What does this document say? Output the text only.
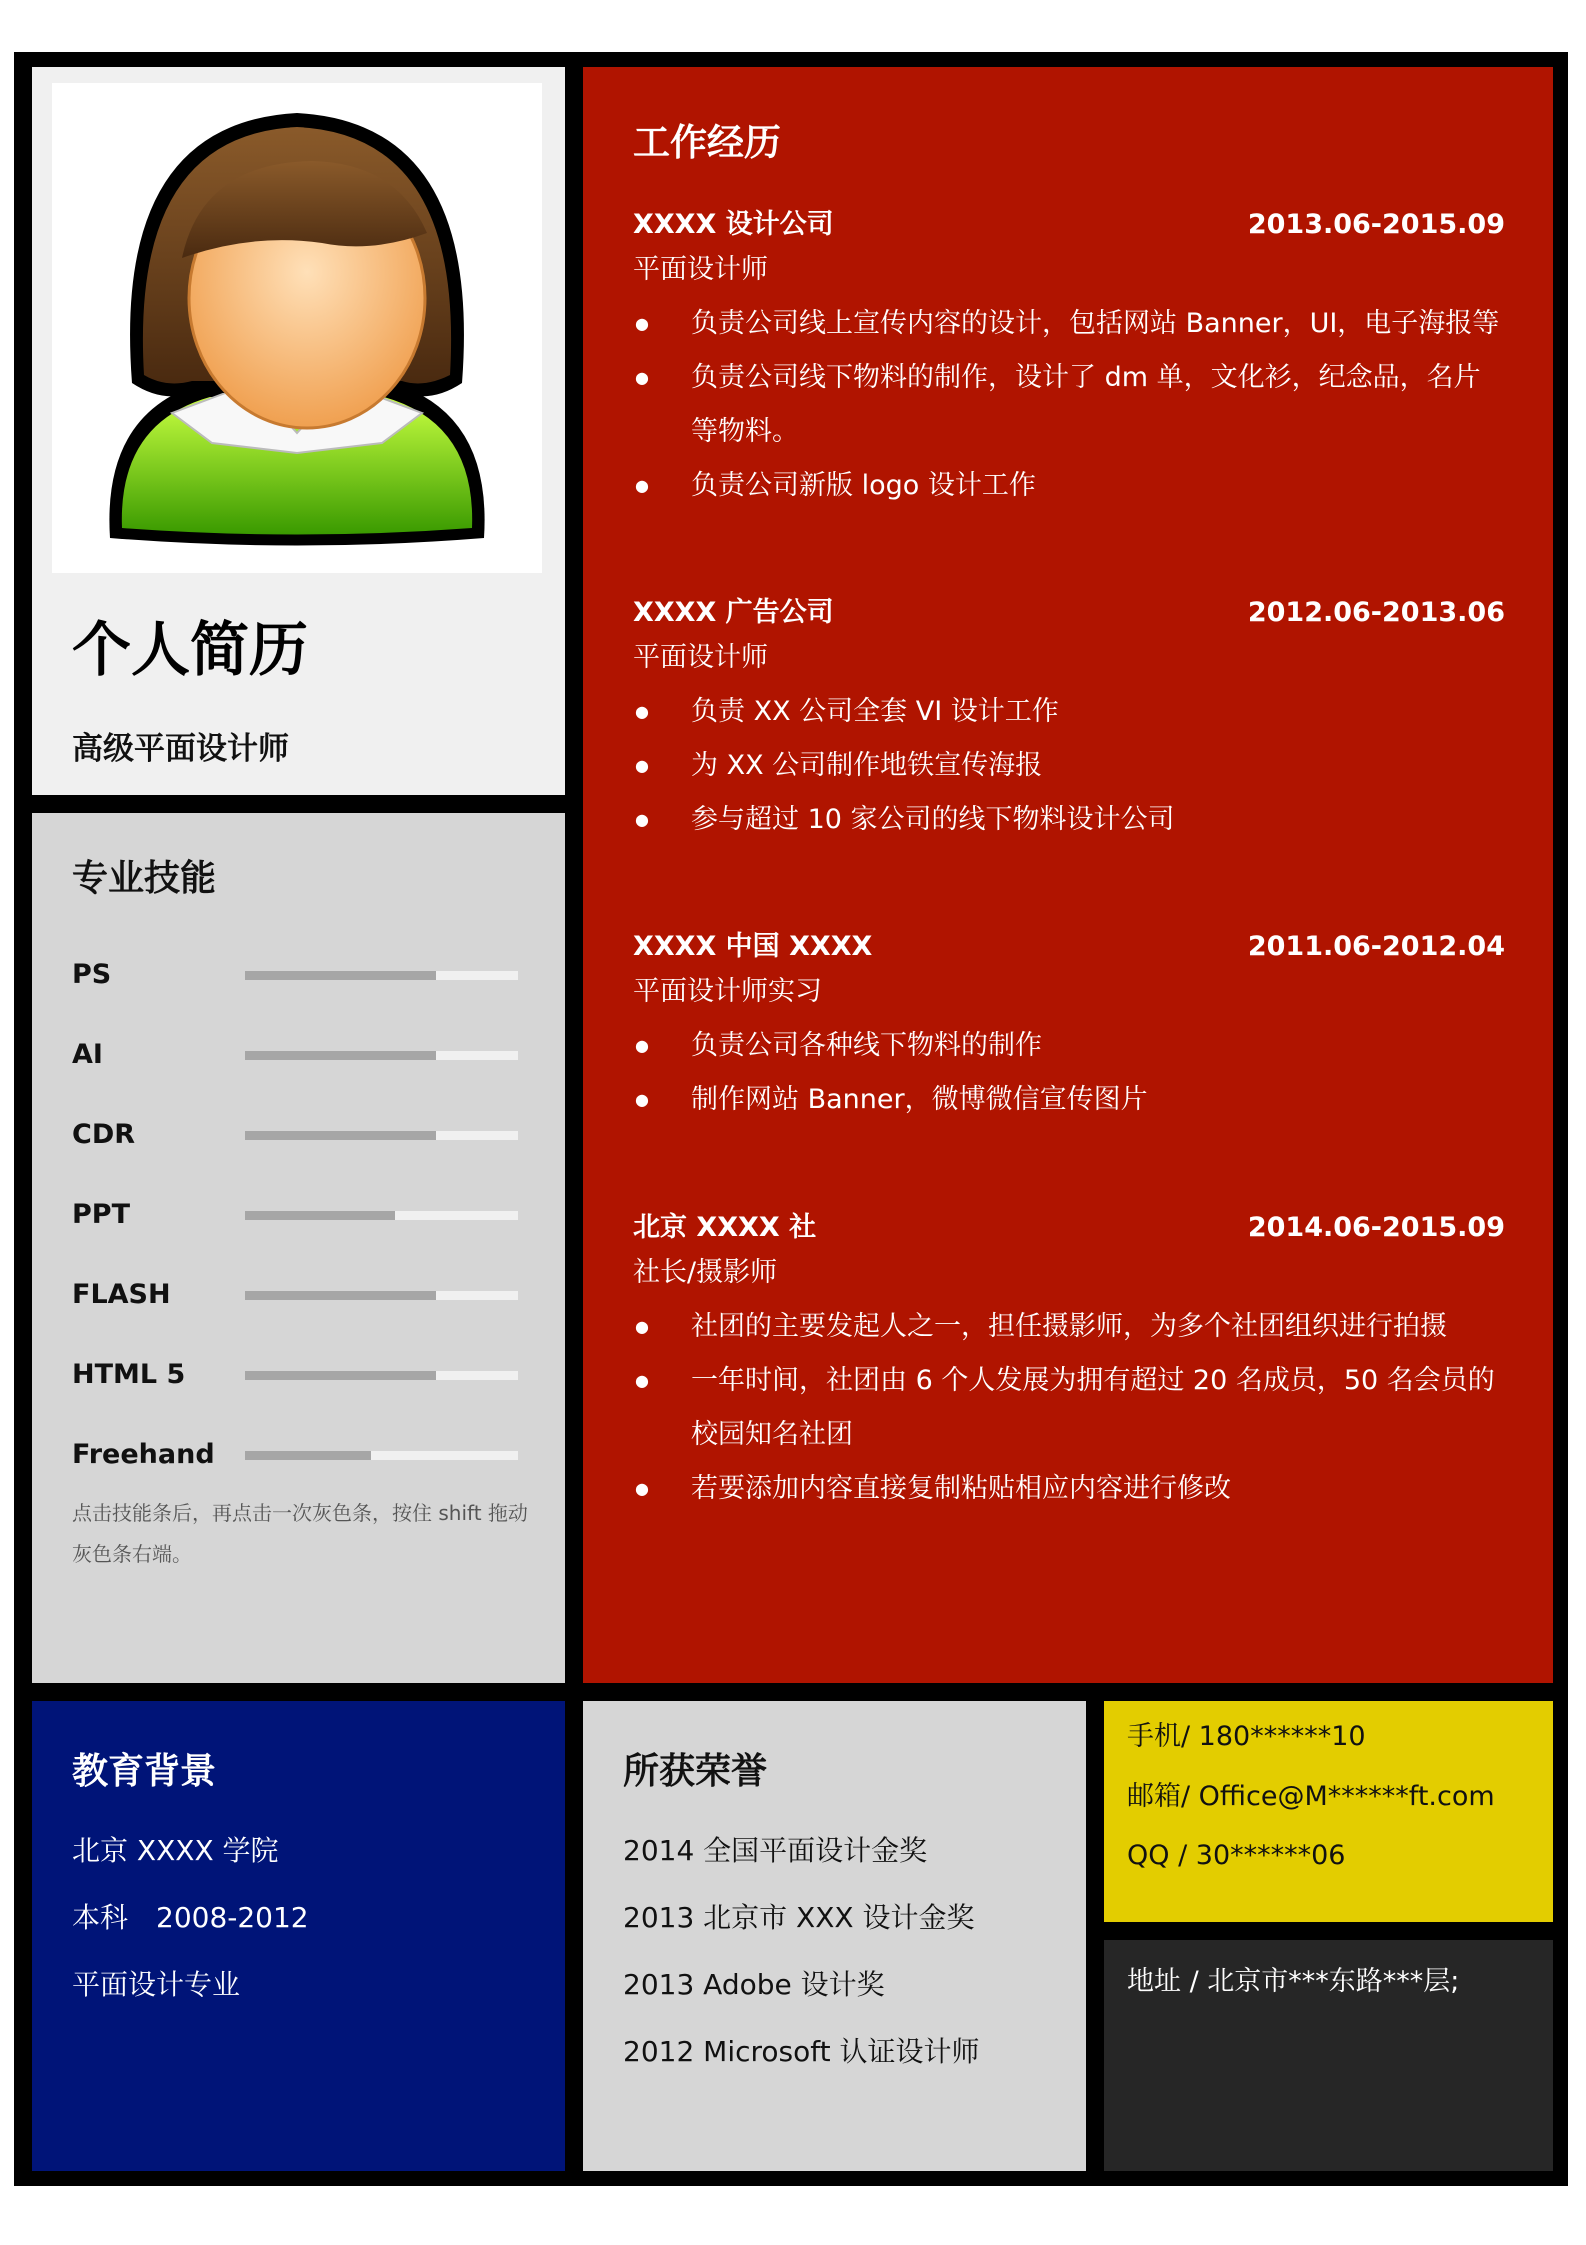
个人简历
高级平面设计师
专业技能
PS
AI
CDR
PPT
FLASH
HTML 5
Freehand
点击技能条后，再点击一次灰色条，按住 shift 拖动灰色条右端。
工作经历
XXXX 设计公司	2013.06-2015.09
平面设计师
● 负责公司线上宣传内容的设计，包括网站 Banner，UI，电子海报等
● 负责公司线下物料的制作，设计了 dm 单，文化衫，纪念品，名片等物料。
● 负责公司新版 logo 设计工作
XXXX 广告公司	2012.06-2013.06
平面设计师
● 负责 XX 公司全套 VI 设计工作
● 为 XX 公司制作地铁宣传海报
● 参与超过 10 家公司的线下物料设计公司
XXXX 中国 XXXX	2011.06-2012.04
平面设计师实习
● 负责公司各种线下物料的制作
● 制作网站 Banner，微博微信宣传图片
北京 XXXX 社	2014.06-2015.09
社长/摄影师
● 社团的主要发起人之一，担任摄影师，为多个社团组织进行拍摄
● 一年时间，社团由 6 个人发展为拥有超过 20 名成员，50 名会员的校园知名社团
● 若要添加内容直接复制粘贴相应内容进行修改
教育背景
北京 XXXX 学院
本科　2008-2012
平面设计专业
所获荣誉
2014 全国平面设计金奖
2013 北京市 XXX 设计金奖
2013 Adobe 设计奖
2012 Microsoft 认证设计师
手机/ 180******10
邮箱/ Office@M******ft.com
QQ / 30******06
地址 / 北京市***东路***层;
